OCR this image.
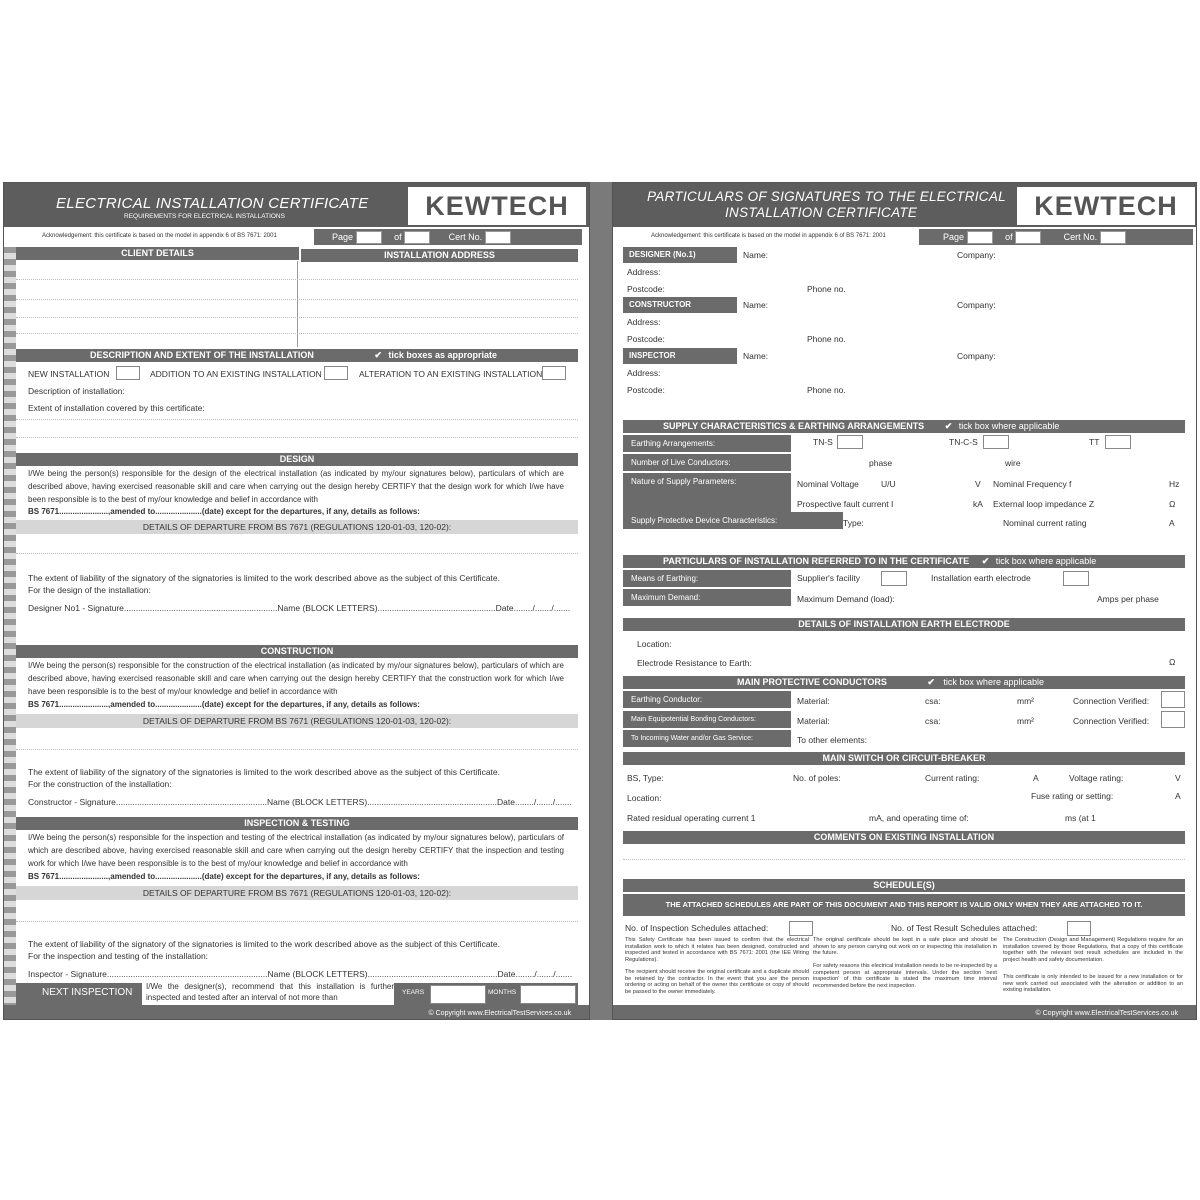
ELECTRICAL INSTALLATION CERTIFICATE
REQUIREMENTS FOR ELECTRICAL INSTALLATIONS	KEWTECH
Acknowledgement: this certificate is based on the model in appendix 6 of BS 7671: 2001	Page	of	Cert No.
CLIENT DETAILS	INSTALLATION ADDRESS
DESCRIPTION AND EXTENT OF THE INSTALLATION	✔ tick boxes as appropriate
NEW INSTALLATION	ADDITION TO AN EXISTING INSTALLATION	ALTERATION TO AN EXISTING INSTALLATION
Description of installation:
Extent of installation covered by this certificate:
DESIGN
I/We being the person(s) responsible for the design of the electrical installation (as indicated by my/our signatures below), particulars of which are described above, having exercised reasonable skill and care when carrying out the design hereby CERTIFY that the design work for which I/we have been responsible is to the best of my/our knowledge and belief in accordance with
BS 7671......................,amended to.....................(date) except for the departures, if any, details as follows:
DETAILS OF DEPARTURE FROM BS 7671 (REGULATIONS 120-01-03, 120-02):
The extent of liability of the signatory of the signatories is limited to the work described above as the subject of this Certificate.
For the design of the installation:
Designer No1 - Signature.................................................................Name (BLOCK LETTERS)..................................................Date......../......./.......
CONSTRUCTION
I/We being the person(s) responsible for the construction of the electrical installation (as indicated by my/our signatures below), particulars of which are described above, having exercised reasonable skill and care when carrying out the design hereby CERTIFY that the construction work for which I/we have been responsible is to the best of my/our knowledge and belief in accordance with
BS 7671......................,amended to.....................(date) except for the departures, if any, details as follows:
DETAILS OF DEPARTURE FROM BS 7671 (REGULATIONS 120-01-03, 120-02):
The extent of liability of the signatory of the signatories is limited to the work described above as the subject of this Certificate.
For the construction of the installation:
Constructor - Signature................................................................Name (BLOCK LETTERS).......................................................Date......../......./.......
INSPECTION & TESTING
I/We being the person(s) responsible for the inspection and testing of the electrical installation (as indicated by my/our signatures below), particulars of which are described above, having exercised reasonable skill and care when carrying out the design hereby CERTIFY that the inspection and testing work for which I/we have been responsible is to the best of my/our knowledge and belief in accordance with
BS 7671......................,amended to.....................(date) except for the departures, if any, details as follows:
DETAILS OF DEPARTURE FROM BS 7671 (REGULATIONS 120-01-03, 120-02):
The extent of liability of the signatory of the signatories is limited to the work described above as the subject of this Certificate.
For the inspection and testing of the installation:
Inspector - Signature....................................................................Name (BLOCK LETTERS).......................................................Date......../......./.......
NEXT INSPECTION
I/We the designer(s), recommend that this installation is further inspected and tested after an interval of not more than	YEARS	MONTHS
© Copyright www.ElectricalTestServices.co.uk
PARTICULARS OF SIGNATURES TO THE ELECTRICAL
INSTALLATION CERTIFICATE	KEWTECH
Acknowledgement: this certificate is based on the model in appendix 6 of BS 7671: 2001	Page	of	Cert No.
DESIGNER (No.1)	Name:	Company:
Address:
Postcode:	Phone no.
CONSTRUCTOR	Name:	Company:
Address:
Postcode:	Phone no.
INSPECTOR	Name:	Company:
Address:
Postcode:	Phone no.
SUPPLY CHARACTERISTICS & EARTHING ARRANGEMENTS ✔ tick box where applicable
Earthing Arrangements:	TN-S	TN-C-S	TT
Number of Live Conductors:	phase	wire
Nature of Supply Parameters:	Nominal Voltage	U/U	V Nominal Frequency f	Hz
Prospective fault current I	kA External loop impedance Z	Ω
Supply Protective Device Characteristics:	Type:	Nominal current rating	A
PARTICULARS OF INSTALLATION REFERRED TO IN THE CERTIFICATE ✔ tick box where applicable
Means of Earthing:	Supplier's facility	Installation earth electrode
Maximum Demand:	Maximum Demand (load):	Amps per phase
DETAILS OF INSTALLATION EARTH ELECTRODE
Location:
Electrode Resistance to Earth:	Ω
MAIN PROTECTIVE CONDUCTORS	✔ tick box where applicable
Earthing Conductor:	Material:	csa:	mm²	Connection Verified:
Main Equipotential Bonding Conductors:	Material:	csa:	mm²	Connection Verified:
To Incoming Water and/or Gas Service:	To other elements:
MAIN SWITCH OR CIRCUIT-BREAKER
BS, Type:	No. of poles:	Current rating:	A	Voltage rating:	V
Location:	Fuse rating or setting:	A
Rated residual operating current 1	mA, and operating time of:	ms (at 1
COMMENTS ON EXISTING INSTALLATION
SCHEDULE(S)
THE ATTACHED SCHEDULES ARE PART OF THIS DOCUMENT AND THIS REPORT IS VALID ONLY WHEN THEY ARE ATTACHED TO IT.
No. of Inspection Schedules attached:	No. of Test Result Schedules attached:
This Safety Certificate has been issued to confirm that the electrical installation work to which it relates has been designed, constructed and inspected and tested in accordance with BS 7671: 2001 (the IEE Wiring Regulations).
The recipient should receive the original certificate and a duplicate should be retained by the contractor. In the event that you are the person ordering or acting on behalf of the owner this certificate or copy of should be passed to the owner immediately.
The original certificate should be kept in a safe place and should be shown to any person carrying out work on or inspecting this installation in the future.
For safety reasons this electrical installation needs to be re-inspected by a competent person at appropriate intervals. Under the section 'next inspection' of this certificate is stated the maximum time interval recommended before the next inspection.
The Construction (Design and Management) Regulations require for an installation covered by those Regulations, that a copy of this certificate together with the relevant test result schedules are included in the project health and safety documentation.
This certificate is only intended to be issued for a new installation or for new work carried out associated with the alteration or addition to an existing installation.
© Copyright www.ElectricalTestServices.co.uk
